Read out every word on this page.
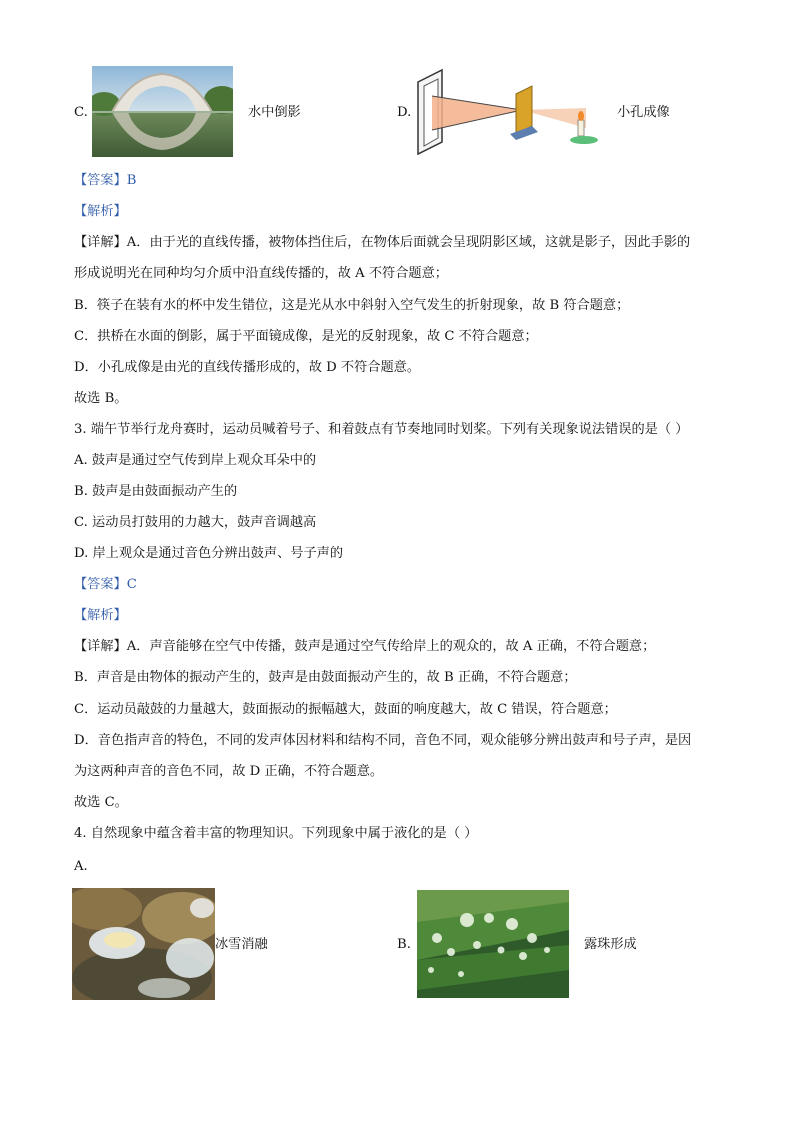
C.	水中倒影	D.	小孔成像
【答案】B
【解析】
【详解】A．由于光的直线传播，被物体挡住后，在物体后面就会呈现阴影区域，这就是影子，因此手影的
形成说明光在同种均匀介质中沿直线传播的，故 A 不符合题意；
B．筷子在装有水的杯中发生错位，这是光从水中斜射入空气发生的折射现象，故 B 符合题意；
C．拱桥在水面的倒影，属于平面镜成像，是光的反射现象，故 C 不符合题意；
D．小孔成像是由光的直线传播形成的，故 D 不符合题意。
故选 B。
3. 端午节举行龙舟赛时，运动员喊着号子、和着鼓点有节奏地同时划桨。下列有关现象说法错误的是（ ）
A. 鼓声是通过空气传到岸上观众耳朵中的
B. 鼓声是由鼓面振动产生的
C. 运动员打鼓用的力越大，鼓声音调越高
D. 岸上观众是通过音色分辨出鼓声、号子声的
【答案】C
【解析】
【详解】A．声音能够在空气中传播，鼓声是通过空气传给岸上的观众的，故 A 正确，不符合题意；
B．声音是由物体的振动产生的，鼓声是由鼓面振动产生的，故 B 正确，不符合题意；
C．运动员敲鼓的力量越大，鼓面振动的振幅越大，鼓面的响度越大，故 C 错误，符合题意；
D．音色指声音的特色，不同的发声体因材料和结构不同，音色不同，观众能够分辨出鼓声和号子声，是因
为这两种声音的音色不同，故 D 正确，不符合题意。
故选 C。
4. 自然现象中蕴含着丰富的物理知识。下列现象中属于液化的是（ ）
A.
冰雪消融	B.	露珠形成
